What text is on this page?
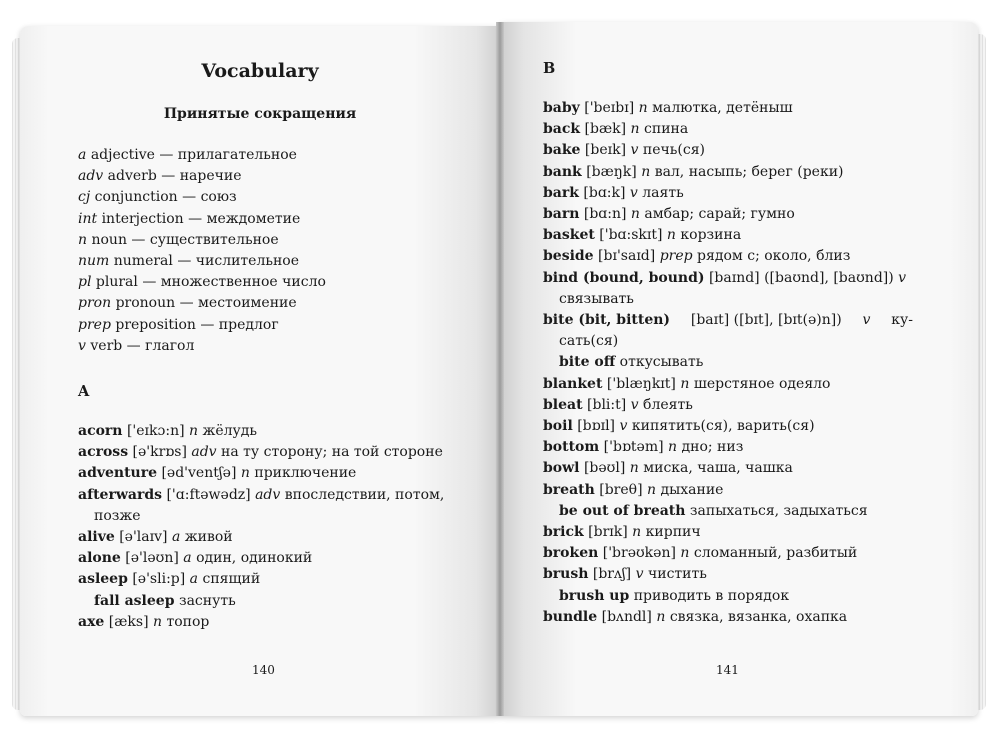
Vocabulary
Принятые сокращения
a adjective — прилагательное
adv adverb — наречие
cj conjunction — союз
int interjection — междометие
n noun — существительное
num numeral — числительное
pl plural — множественное число
pron pronoun — местоимение
prep preposition — предлог
v verb — глагол
A
acorn ['eɪkɔ:n] n жёлудь
across [ə'krɒs] adv на ту сторону; на той стороне
adventure [əd'ventʃə] n приключение
afterwards ['ɑ:ftəwədz] adv впоследствии, потом,
позже
alive [ə'laɪv] a живой
alone [ə'ləʊn] a один, одинокий
asleep [ə'sli:p] a спящий
fall asleep заснуть
axe [æks] n топор
140
B
baby ['beɪbɪ] n малютка, детёныш
back [bæk] n спина
bake [beɪk] v печь(ся)
bank [bæŋk] n вал, насыпь; берег (реки)
bark [bɑ:k] v лаять
barn [bɑ:n] n амбар; сарай; гумно
basket ['bɑ:skɪt] n корзина
beside [bɪ'saɪd] prep рядом с; около, близ
bind (bound, bound) [baɪnd] ([baʊnd], [baʊnd]) v
связывать
bite (bit, bitten) [baɪt] ([bɪt], [bɪt(ə)n]) v ку-
сать(ся)
bite off откусывать
blanket ['blæŋkɪt] n шерстяное одеяло
bleat [bli:t] v блеять
boil [bɒɪl] v кипятить(ся), варить(ся)
bottom ['bɒtəm] n дно; низ
bowl [bəʊl] n миска, чаша, чашка
breath [breθ] n дыхание
be out of breath запыхаться, задыхаться
brick [brɪk] n кирпич
broken ['brəʊkən] n сломанный, разбитый
brush [brʌʃ] v чистить
brush up приводить в порядок
bundle [bʌndl] n связка, вязанка, охапка
141
